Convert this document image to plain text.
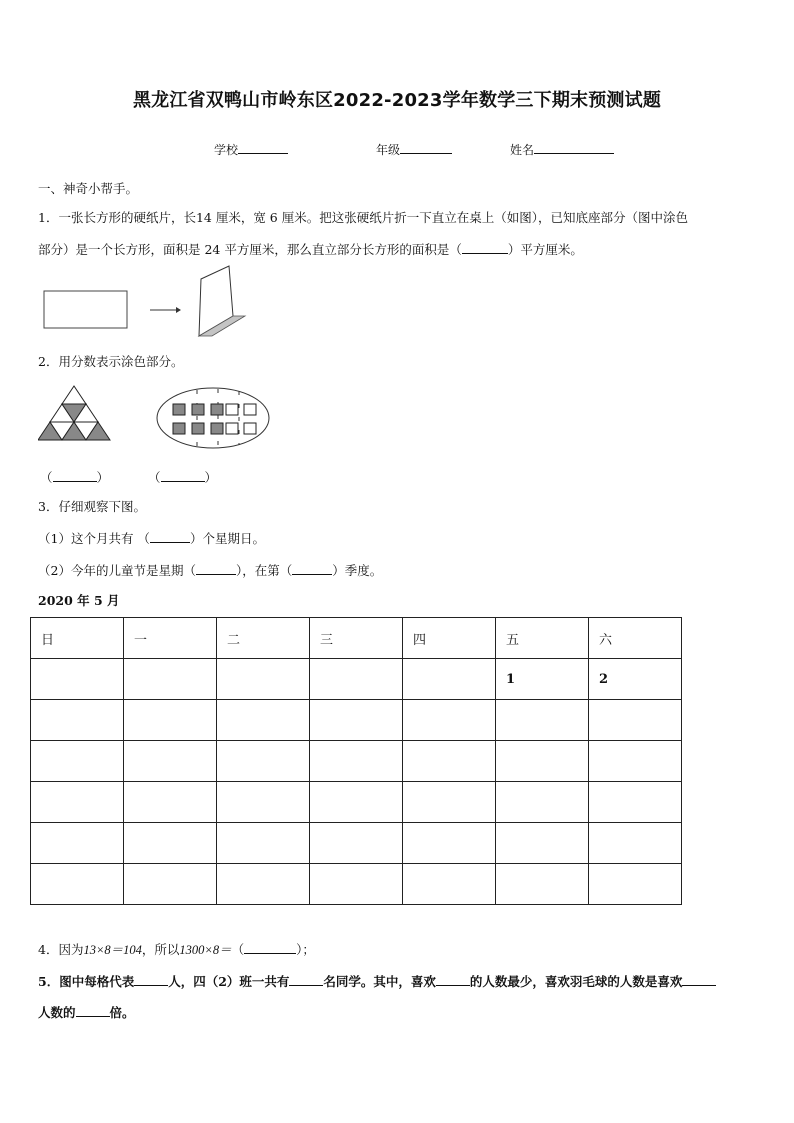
黑龙江省双鸭山市岭东区2022-2023学年数学三下期末预测试题
学校	年级	姓名
一、神奇小帮手。
1．一张长方形的硬纸片，长14 厘米，宽 6 厘米。把这张硬纸片折一下直立在桌上（如图），已知底座部分（图中涂色
部分）是一个长方形，面积是 24 平方厘米，那么直立部分长方形的面积是（	）平方厘米。
2．用分数表示涂色部分。
（	）	（	）
3．仔细观察下图。
（1）这个月共有 （	）个星期日。
（2）今年的儿童节是星期（	），在第（	）季度。
2020 年 5 月
日	一	二	三	四	五	六
					1	2

4．因为13×8＝104，所以1300×8＝（	）；
5．图中每格代表	人，四（2）班一共有	名同学。其中，喜欢	的人数最少，喜欢羽毛球的人数是喜欢
人数的	倍。
